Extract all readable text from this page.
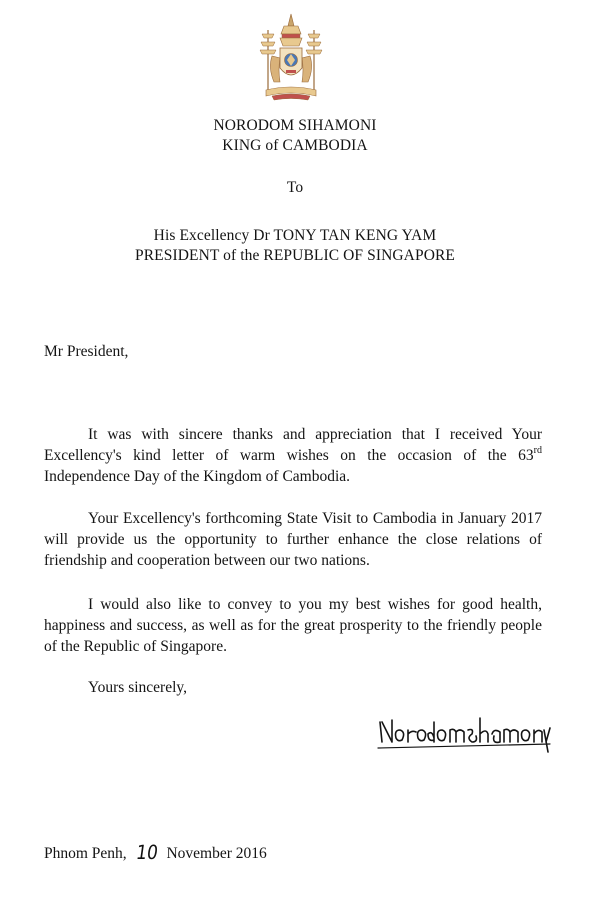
NORODOM SIHAMONI
KING of CAMBODIA
To
His Excellency Dr TONY TAN KENG YAM
PRESIDENT of the REPUBLIC OF SINGAPORE
Mr President,

It was with sincere thanks and appreciation that I received Your Excellency's kind letter of warm wishes on the occasion of the 63rd Independence Day of the Kingdom of Cambodia.

Your Excellency's forthcoming State Visit to Cambodia in January 2017 will provide us the opportunity to further enhance the close relations of friendship and cooperation between our two nations.

I would also like to convey to you my best wishes for good health, happiness and success, as well as for the great prosperity to the friendly people of the Republic of Singapore.

Yours sincerely,
Phnom Penh, 10 November 2016
